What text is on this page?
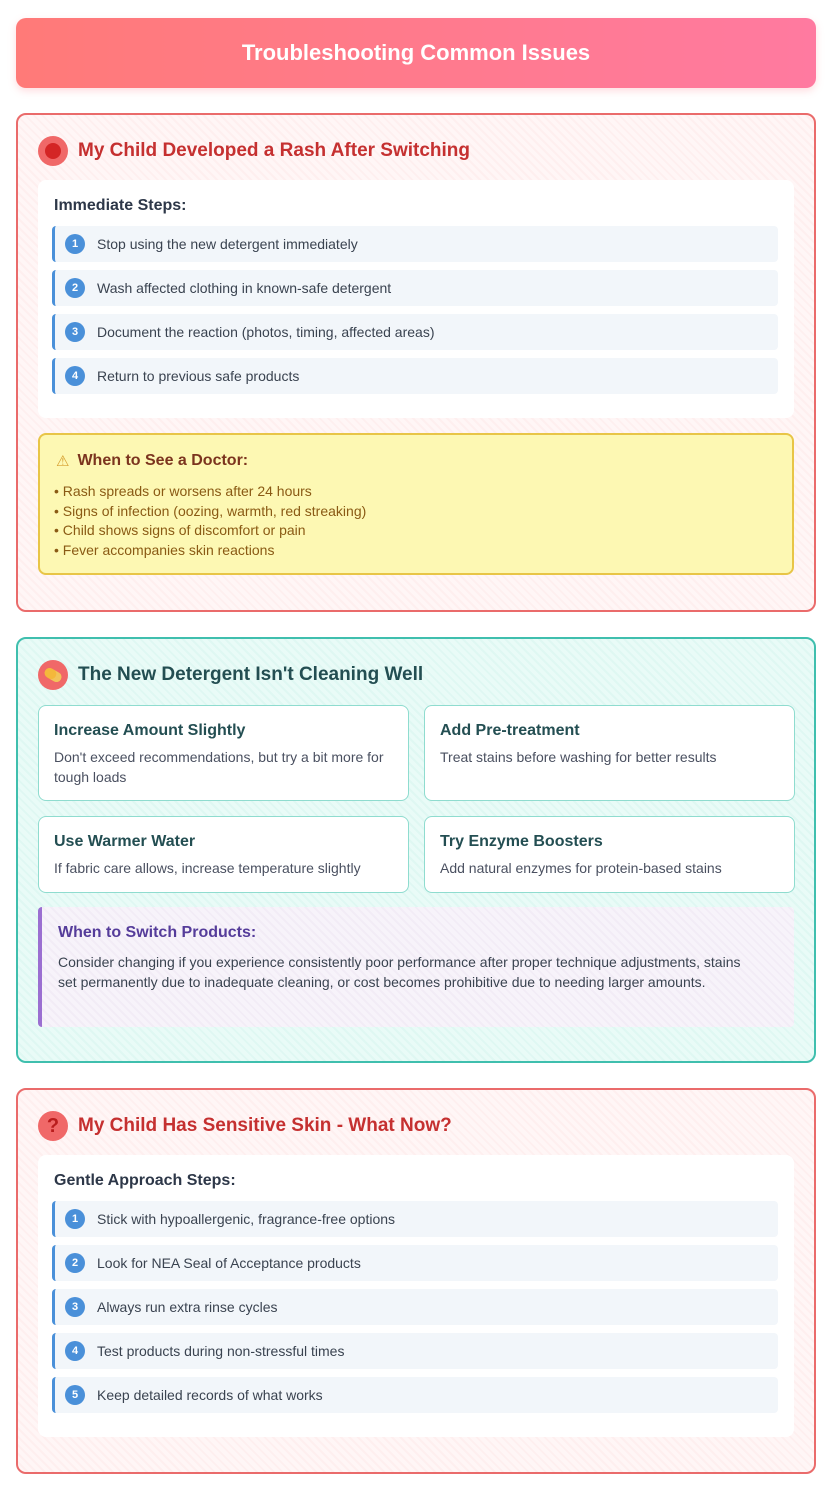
Troubleshooting Common Issues
My Child Developed a Rash After Switching
Immediate Steps:
1	Stop using the new detergent immediately
2	Wash affected clothing in known-safe detergent
3	Document the reaction (photos, timing, affected areas)
4	Return to previous safe products
⚠ When to See a Doctor:
• Rash spreads or worsens after 24 hours
• Signs of infection (oozing, warmth, red streaking)
• Child shows signs of discomfort or pain
• Fever accompanies skin reactions
The New Detergent Isn't Cleaning Well
Increase Amount Slightly
Don't exceed recommendations, but try a bit more for tough loads
Add Pre-treatment
Treat stains before washing for better results
Use Warmer Water
If fabric care allows, increase temperature slightly
Try Enzyme Boosters
Add natural enzymes for protein-based stains
When to Switch Products:
Consider changing if you experience consistently poor performance after proper technique adjustments, stains set permanently due to inadequate cleaning, or cost becomes prohibitive due to needing larger amounts.
? My Child Has Sensitive Skin - What Now?
Gentle Approach Steps:
1	Stick with hypoallergenic, fragrance-free options
2	Look for NEA Seal of Acceptance products
3	Always run extra rinse cycles
4	Test products during non-stressful times
5	Keep detailed records of what works
